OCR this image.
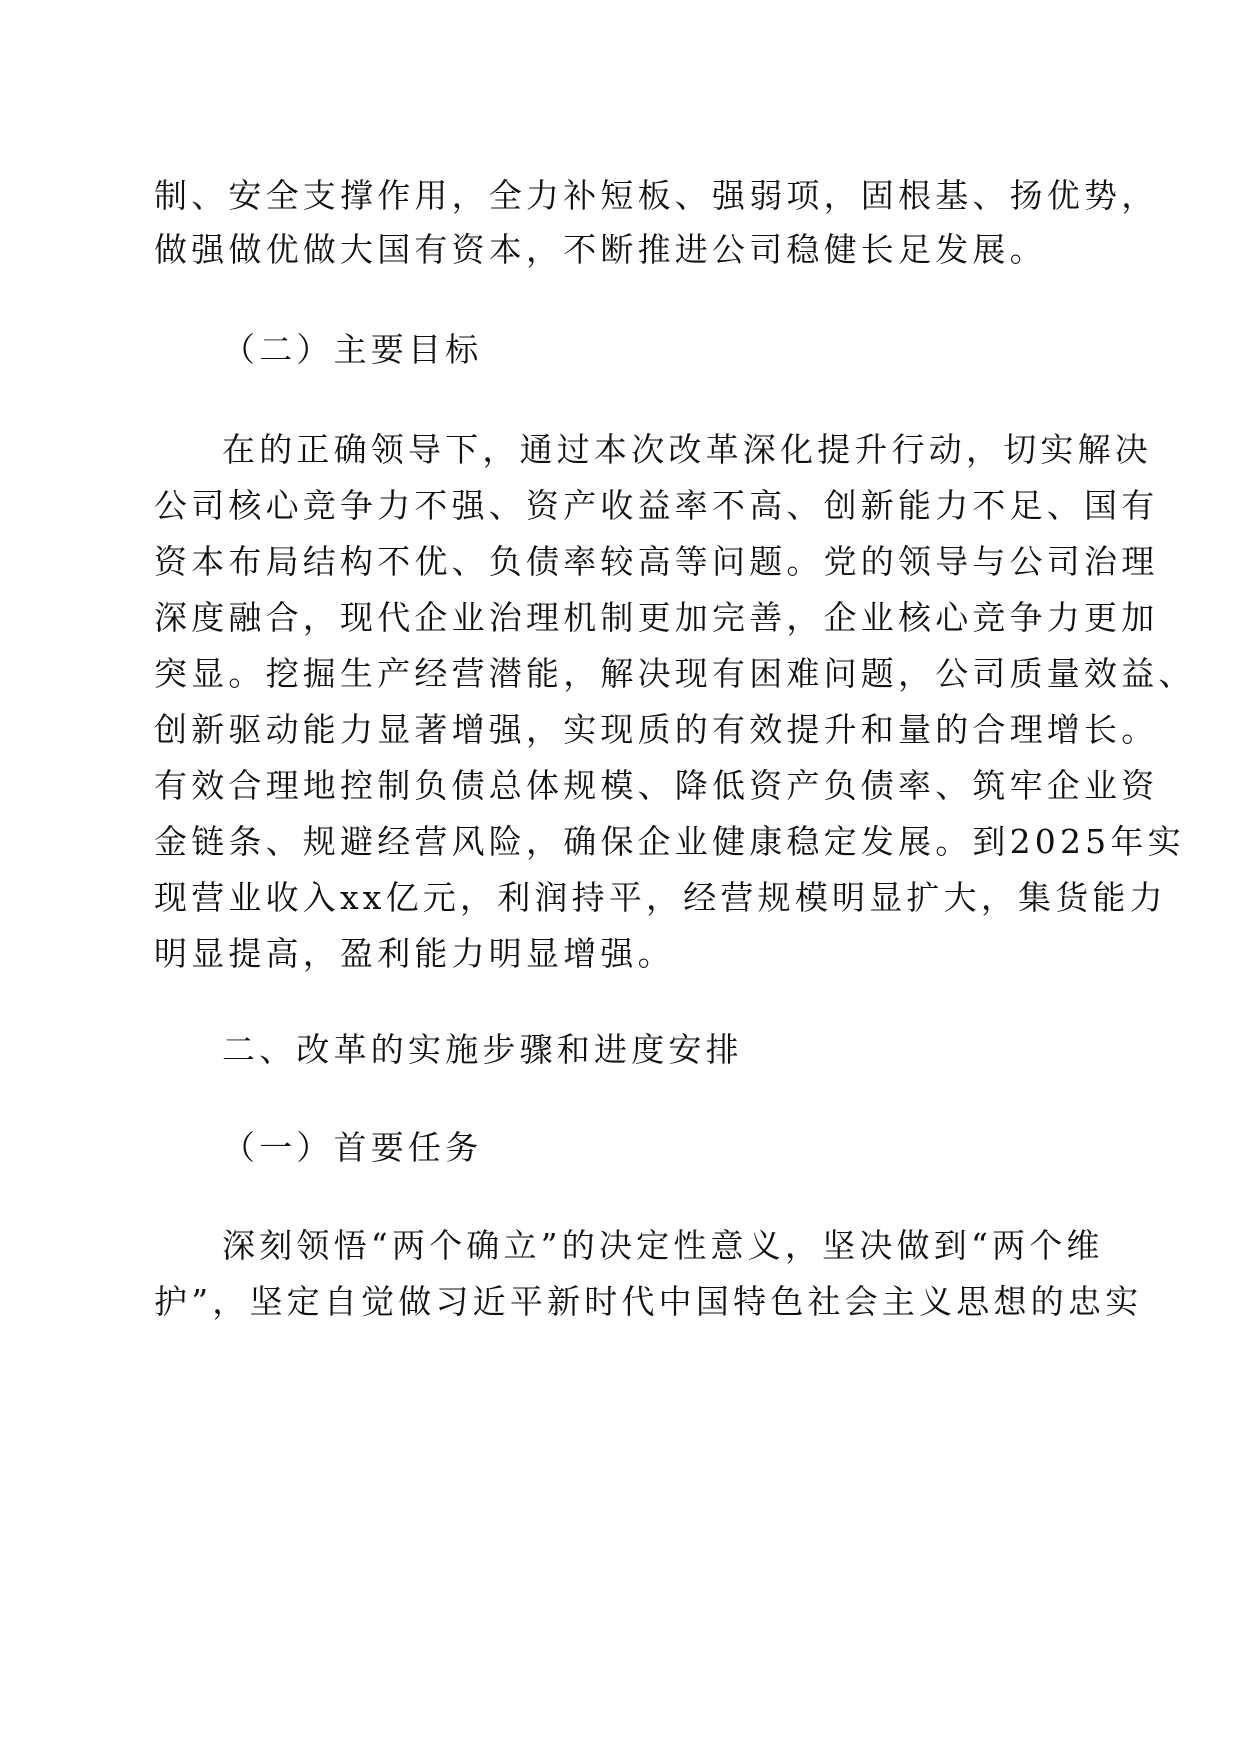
制、安全支撑作用，全力补短板、强弱项，固根基、扬优势，
做强做优做大国有资本，不断推进公司稳健长足发展。
（二）主要目标
在的正确领导下，通过本次改革深化提升行动，切实解决
公司核心竞争力不强、资产收益率不高、创新能力不足、国有
资本布局结构不优、负债率较高等问题。党的领导与公司治理
深度融合，现代企业治理机制更加完善，企业核心竞争力更加
突显。挖掘生产经营潜能，解决现有困难问题，公司质量效益、
创新驱动能力显著增强，实现质的有效提升和量的合理增长。
有效合理地控制负债总体规模、降低资产负债率、筑牢企业资
金链条、规避经营风险，确保企业健康稳定发展。到2025年实
现营业收入xx亿元，利润持平，经营规模明显扩大，集货能力
明显提高，盈利能力明显增强。
二、改革的实施步骤和进度安排
（一）首要任务
深刻领悟“两个确立”的决定性意义，坚决做到“两个维
护”，坚定自觉做习近平新时代中国特色社会主义思想的忠实
